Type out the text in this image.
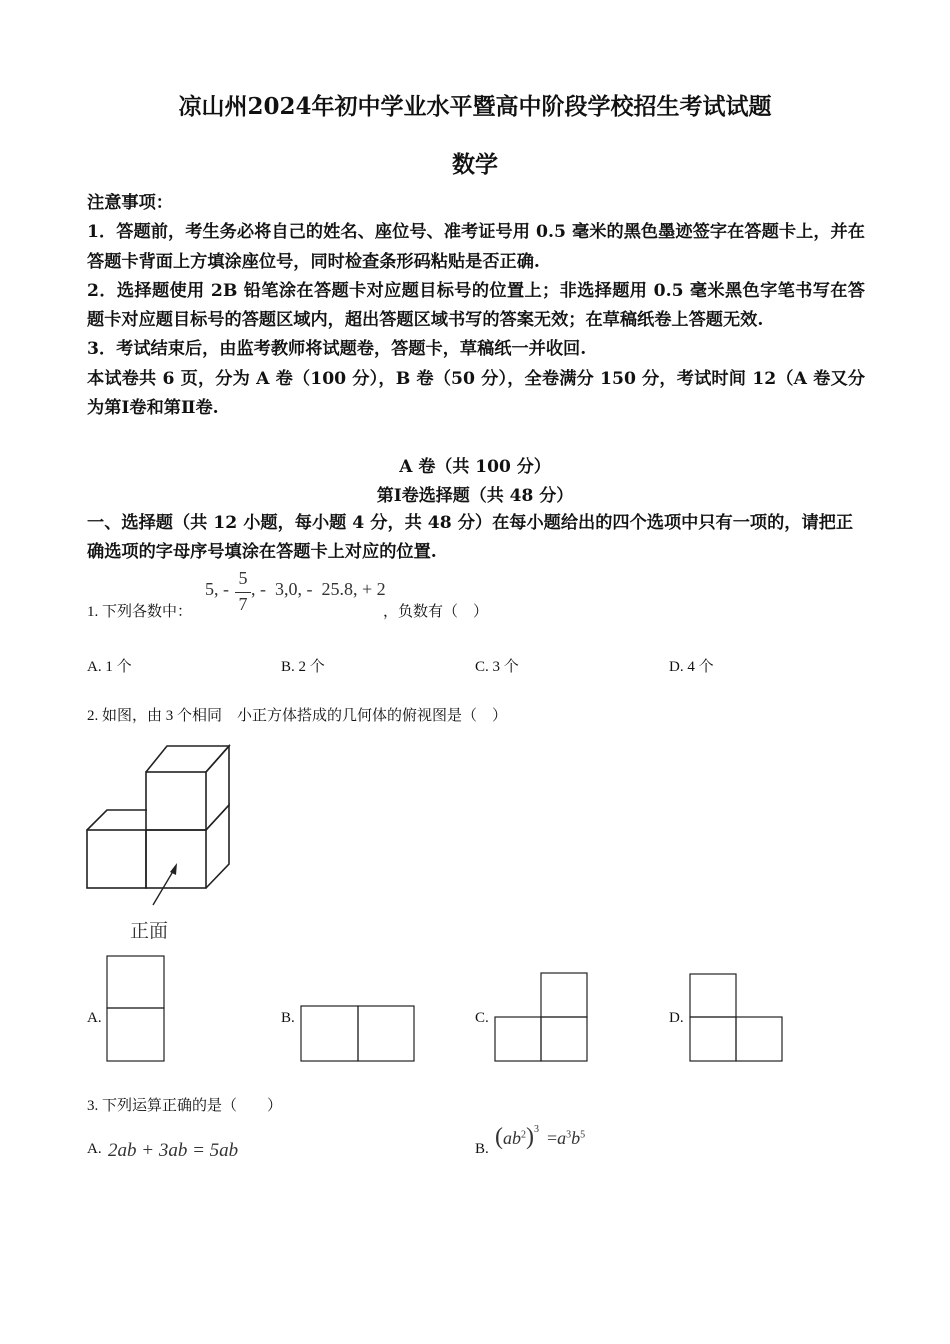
凉山州2024年初中学业水平暨高中阶段学校招生考试试题
数学

注意事项：

1．答题前，考生务必将自己的姓名、座位号、准考证号用 0.5 毫米的黑色墨迹签字在答题卡上，并在答题卡背面上方填涂座位号，同时检查条形码粘贴是否正确.

2．选择题使用 2B 铅笔涂在答题卡对应题目标号的位置上；非选择题用 0.5 毫米黑色字笔书写在答题卡对应题目标号的答题区域内，超出答题区域书写的答案无效；在草稿纸卷上答题无效.

3．考试结束后，由监考教师将试题卷，答题卡，草稿纸一并收回.

本试卷共 6 页，分为 A 卷（100 分），B 卷（50 分），全卷满分 150 分，考试时间 12（A 卷又分为第Ⅰ卷和第Ⅱ卷.

A 卷（共 100 分）
第Ⅰ卷选择题（共 48 分）
一、选择题（共 12 小题，每小题 4 分，共 48 分）在每小题给出的四个选项中只有一项的，请把正确选项的字母序号填涂在答题卡上对应的位置.
1. 下列各数中：
5, -
5
7
, -  3,0, -  25.8, + 2
，负数有（　）
A. 1 个	B. 2 个	C. 3 个	D. 4 个
2. 如图，由 3 个相同　小正方体搭成的几何体的俯视图是（　）
正面
A.	B.	C.	D.
3. 下列运算正确的是（　　）
A. 2ab + 3ab = 5ab	B. $(ab^2)^3 =a^3b^5$
